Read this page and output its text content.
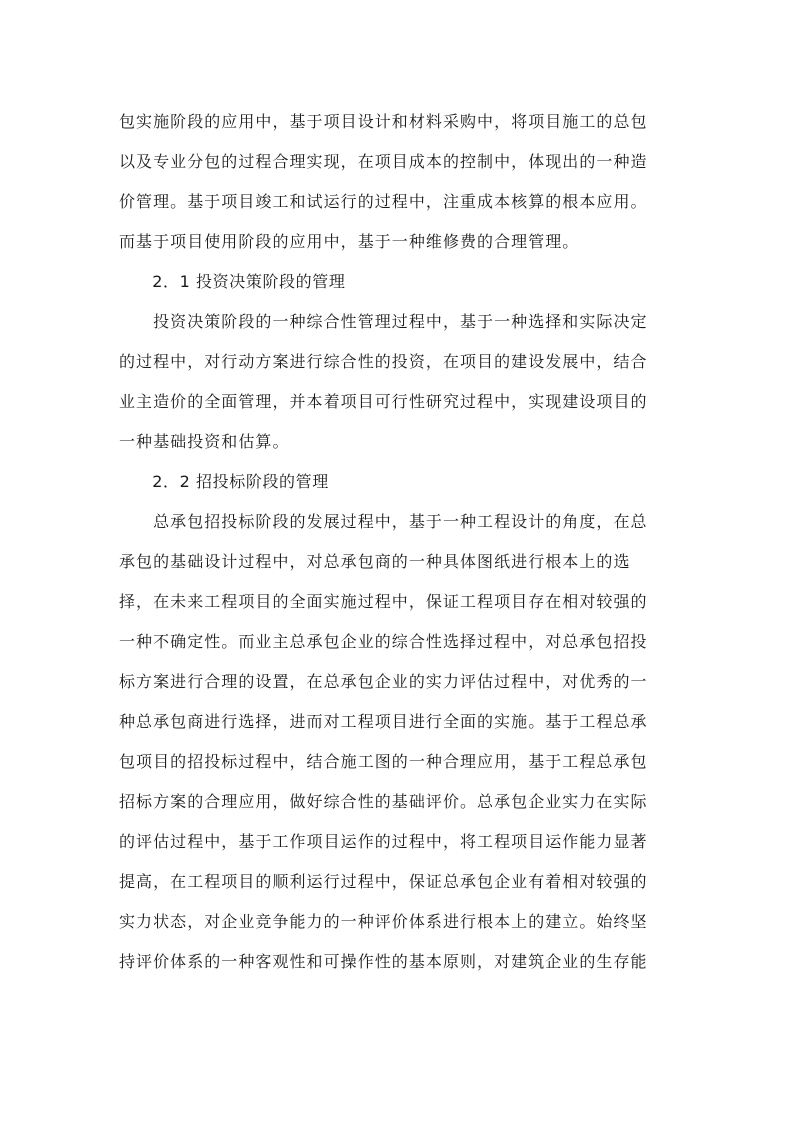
包实施阶段的应用中，基于项目设计和材料采购中，将项目施工的总包
以及专业分包的过程合理实现，在项目成本的控制中，体现出的一种造
价管理。基于项目竣工和试运行的过程中，注重成本核算的根本应用。
而基于项目使用阶段的应用中，基于一种维修费的合理管理。
　　2．1 投资决策阶段的管理
　　投资决策阶段的一种综合性管理过程中，基于一种选择和实际决定
的过程中，对行动方案进行综合性的投资，在项目的建设发展中，结合
业主造价的全面管理，并本着项目可行性研究过程中，实现建设项目的
一种基础投资和估算。
　　2．2 招投标阶段的管理
　　总承包招投标阶段的发展过程中，基于一种工程设计的角度，在总
承包的基础设计过程中，对总承包商的一种具体图纸进行根本上的选
择，在未来工程项目的全面实施过程中，保证工程项目存在相对较强的
一种不确定性。而业主总承包企业的综合性选择过程中，对总承包招投
标方案进行合理的设置，在总承包企业的实力评估过程中，对优秀的一
种总承包商进行选择，进而对工程项目进行全面的实施。基于工程总承
包项目的招投标过程中，结合施工图的一种合理应用，基于工程总承包
招标方案的合理应用，做好综合性的基础评价。总承包企业实力在实际
的评估过程中，基于工作项目运作的过程中，将工程项目运作能力显著
提高，在工程项目的顺利运行过程中，保证总承包企业有着相对较强的
实力状态，对企业竞争能力的一种评价体系进行根本上的建立。始终坚
持评价体系的一种客观性和可操作性的基本原则，对建筑企业的生存能
